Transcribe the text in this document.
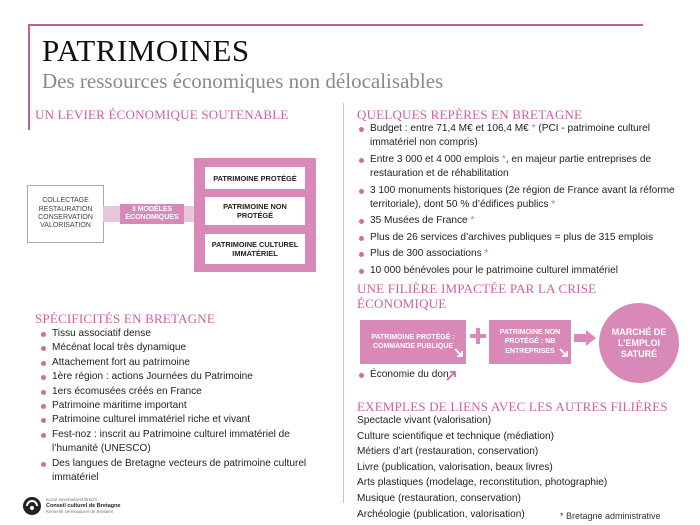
PATRIMOINES
Des ressources économiques non délocalisables
UN LEVIER ÉCONOMIQUE SOUTENABLE
COLLECTAGE
RESTAURATION
CONSERVATION
VALORISATION
3 MODÈLES ÉCONOMIQUES
PATRIMOINE PROTÉGÉ
PATRIMOINE NON PROTÉGÉ
PATRIMOINE CULTUREL IMMATÉRIEL
SPÉCIFICITÉS EN BRETAGNE
Tissu associatif dense
Mécénat local très dynamique
Attachement fort au patrimoine
1ère région : actions Journées du Patrimoine
1ers écomusées créés en France
Patrimoine maritime important
Patrimoine culturel immatériel riche et vivant
Fest-noz : inscrit au Patrimoine culturel immatériel de l’humanité (UNESCO)
Des langues de Bretagne vecteurs de patrimoine culturel immatériel
Kuzul sevenadurel Breizh
Conseil culturel de Bretagne
Kenseilh sevenadurel de Breitaen
QUELQUES REPÈRES EN BRETAGNE
Budget : entre 71,4 M€ et 106,4 M€ * (PCI - patrimoine culturel immatériel non compris)
Entre 3 000 et 4 000 emplois *, en majeur partie entreprises de restauration et de réhabilitation
3 100 monuments historiques (2e région de France avant la réforme territoriale), dont 50 % d’édifices publics *
35 Musées de France *
Plus de 26 services d’archives publiques = plus de 315 emplois
Plus de 300 associations *
10 000 bénévoles pour le patrimoine culturel immatériel
UNE FILIÈRE IMPACTÉE PAR LA CRISE ÉCONOMIQUE
PATRIMOINE PROTÉGÉ : COMMANDE PUBLIQUE
PATRIMOINE NON PROTÉGÉ : NB ENTREPRISES
MARCHÉ DE L’EMPLOI SATURÉ
Économie du don
EXEMPLES DE LIENS AVEC LES AUTRES FILIÈRES
Spectacle vivant (valorisation)
Culture scientifique et technique (médiation)
Métiers d’art (restauration, conservation)
Livre (publication, valorisation, beaux livres)
Arts plastiques (modelage, reconstitution, photographie)
Musique (restauration, conservation)
Archéologie (publication, valorisation)	* Bretagne administrative
